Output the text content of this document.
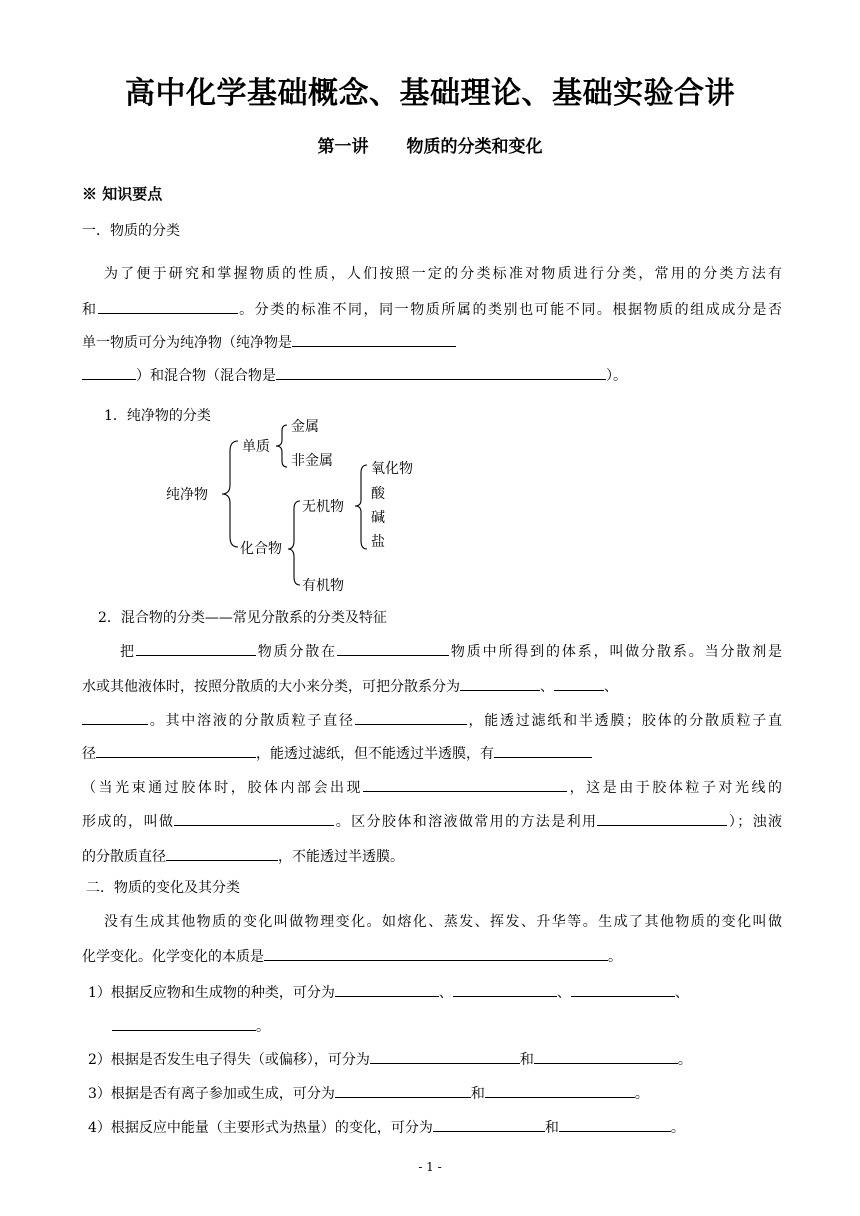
高中化学基础概念、基础理论、基础实验合讲
第一讲 物质的分类和变化
※ 知识要点
一．物质的分类
为了便于研究和掌握物质的性质，人们按照一定的分类标准对物质进行分类，常用的分类方法有
和	。分类的标准不同，同一物质所属的类别也可能不同。根据物质的组成成分是否
单一物质可分为纯净物（纯净物是
）和混合物（混合物是	）。
1．纯净物的分类
纯净物
单质
金属
非金属
化合物
无机物
氧化物
酸
碱
盐
有机物
2．混合物的分类——常见分散系的分类及特征
把	物质分散在	物质中所得到的体系，叫做分散系。当分散剂是
水或其他液体时，按照分散质的大小来分类，可把分散系分为	、	、
。其中溶液的分散质粒子直径	，能透过滤纸和半透膜；胶体的分散质粒子直
径	，能透过滤纸，但不能透过半透膜，有
（当光束通过胶体时，胶体内部会出现	，这是由于胶体粒子对光线的
形成的，叫做	。区分胶体和溶液做常用的方法是利用	）；浊液
的分散质直径	，不能透过半透膜。
二．物质的变化及其分类
没有生成其他物质的变化叫做物理变化。如熔化、蒸发、挥发、升华等。生成了其他物质的变化叫做
化学变化。化学变化的本质是	。
1）根据反应物和生成物的种类，可分为	、	、	、
。
2）根据是否发生电子得失（或偏移），可分为	和	。
3）根据是否有离子参加或生成，可分为	和	。
4）根据反应中能量（主要形式为热量）的变化，可分为	和	。
- 1 -
